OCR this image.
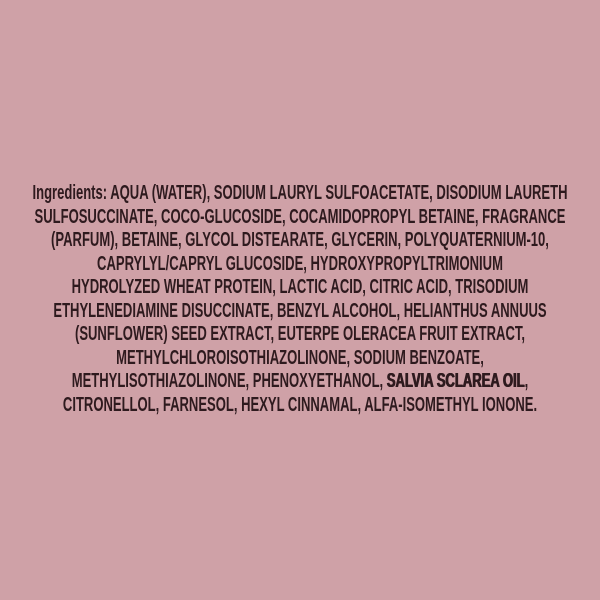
Ingredients: AQUA (WATER), SODIUM LAURYL SULFOACETATE, DISODIUM LAURETH
SULFOSUCCINATE, COCO-GLUCOSIDE, COCAMIDOPROPYL BETAINE, FRAGRANCE
(PARFUM), BETAINE, GLYCOL DISTEARATE, GLYCERIN, POLYQUATERNIUM-10,
CAPRYLYL/CAPRYL GLUCOSIDE, HYDROXYPROPYLTRIMONIUM
HYDROLYZED WHEAT PROTEIN, LACTIC ACID, CITRIC ACID, TRISODIUM
ETHYLENEDIAMINE DISUCCINATE, BENZYL ALCOHOL, HELIANTHUS ANNUUS
(SUNFLOWER) SEED EXTRACT, EUTERPE OLERACEA FRUIT EXTRACT,
METHYLCHLOROISOTHIAZOLINONE, SODIUM BENZOATE,
METHYLISOTHIAZOLINONE, PHENOXYETHANOL, SALVIA SCLAREA OIL,
CITRONELLOL, FARNESOL, HEXYL CINNAMAL, ALFA-ISOMETHYL IONONE.
